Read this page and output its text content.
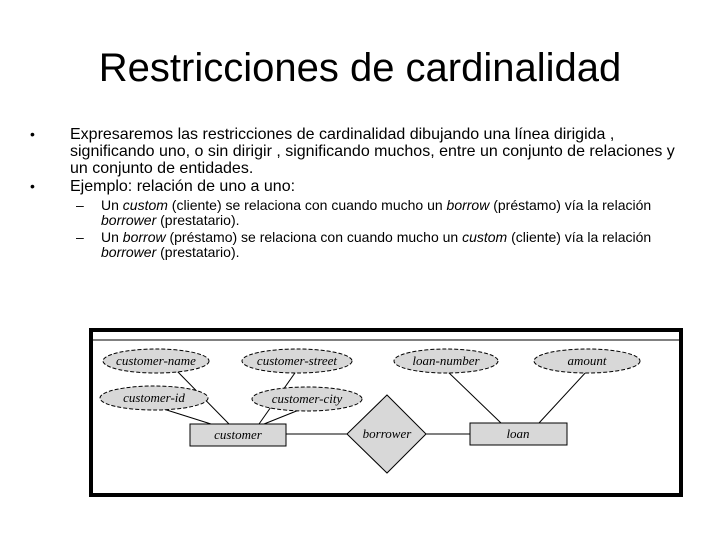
Restricciones de cardinalidad
• Expresaremos las restricciones de cardinalidad dibujando una línea dirigida , significando uno, o sin dirigir , significando muchos, entre un conjunto de relaciones y un conjunto de entidades.
• Ejemplo: relación de uno a uno:
– Un custom (cliente) se relaciona con cuando mucho un borrow (préstamo) vía la relación borrower (prestatario).
– Un borrow (préstamo) se relaciona con cuando mucho un custom (cliente) vía la relación borrower (prestatario).
customer-name	customer-street	loan-number	amount
customer-id	customer-city
customer	borrower	loan
